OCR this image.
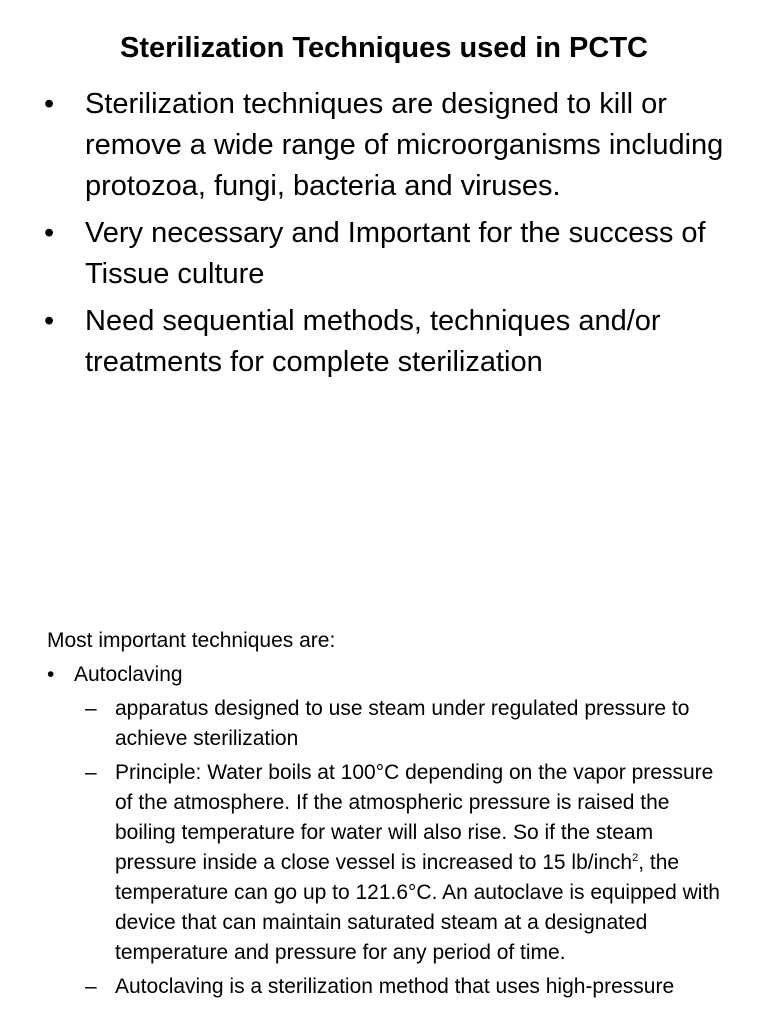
Sterilization Techniques used in PCTC
• Sterilization techniques are designed to kill or remove a wide range of microorganisms including protozoa, fungi, bacteria and viruses.
• Very necessary and Important for the success of Tissue culture
• Need sequential methods, techniques and/or treatments for complete sterilization

Most important techniques are:

• Autoclaving
– apparatus designed to use steam under regulated pressure to achieve sterilization
– Principle: Water boils at 100°C depending on the vapor pressure of the atmosphere. If the atmospheric pressure is raised the boiling temperature for water will also rise. So if the steam pressure inside a close vessel is increased to 15 lb/inch$^2$, the temperature can go up to 121.6°C. An autoclave is equipped with device that can maintain saturated steam at a designated temperature and pressure for any period of time.
– Autoclaving is a sterilization method that uses high-pressure
